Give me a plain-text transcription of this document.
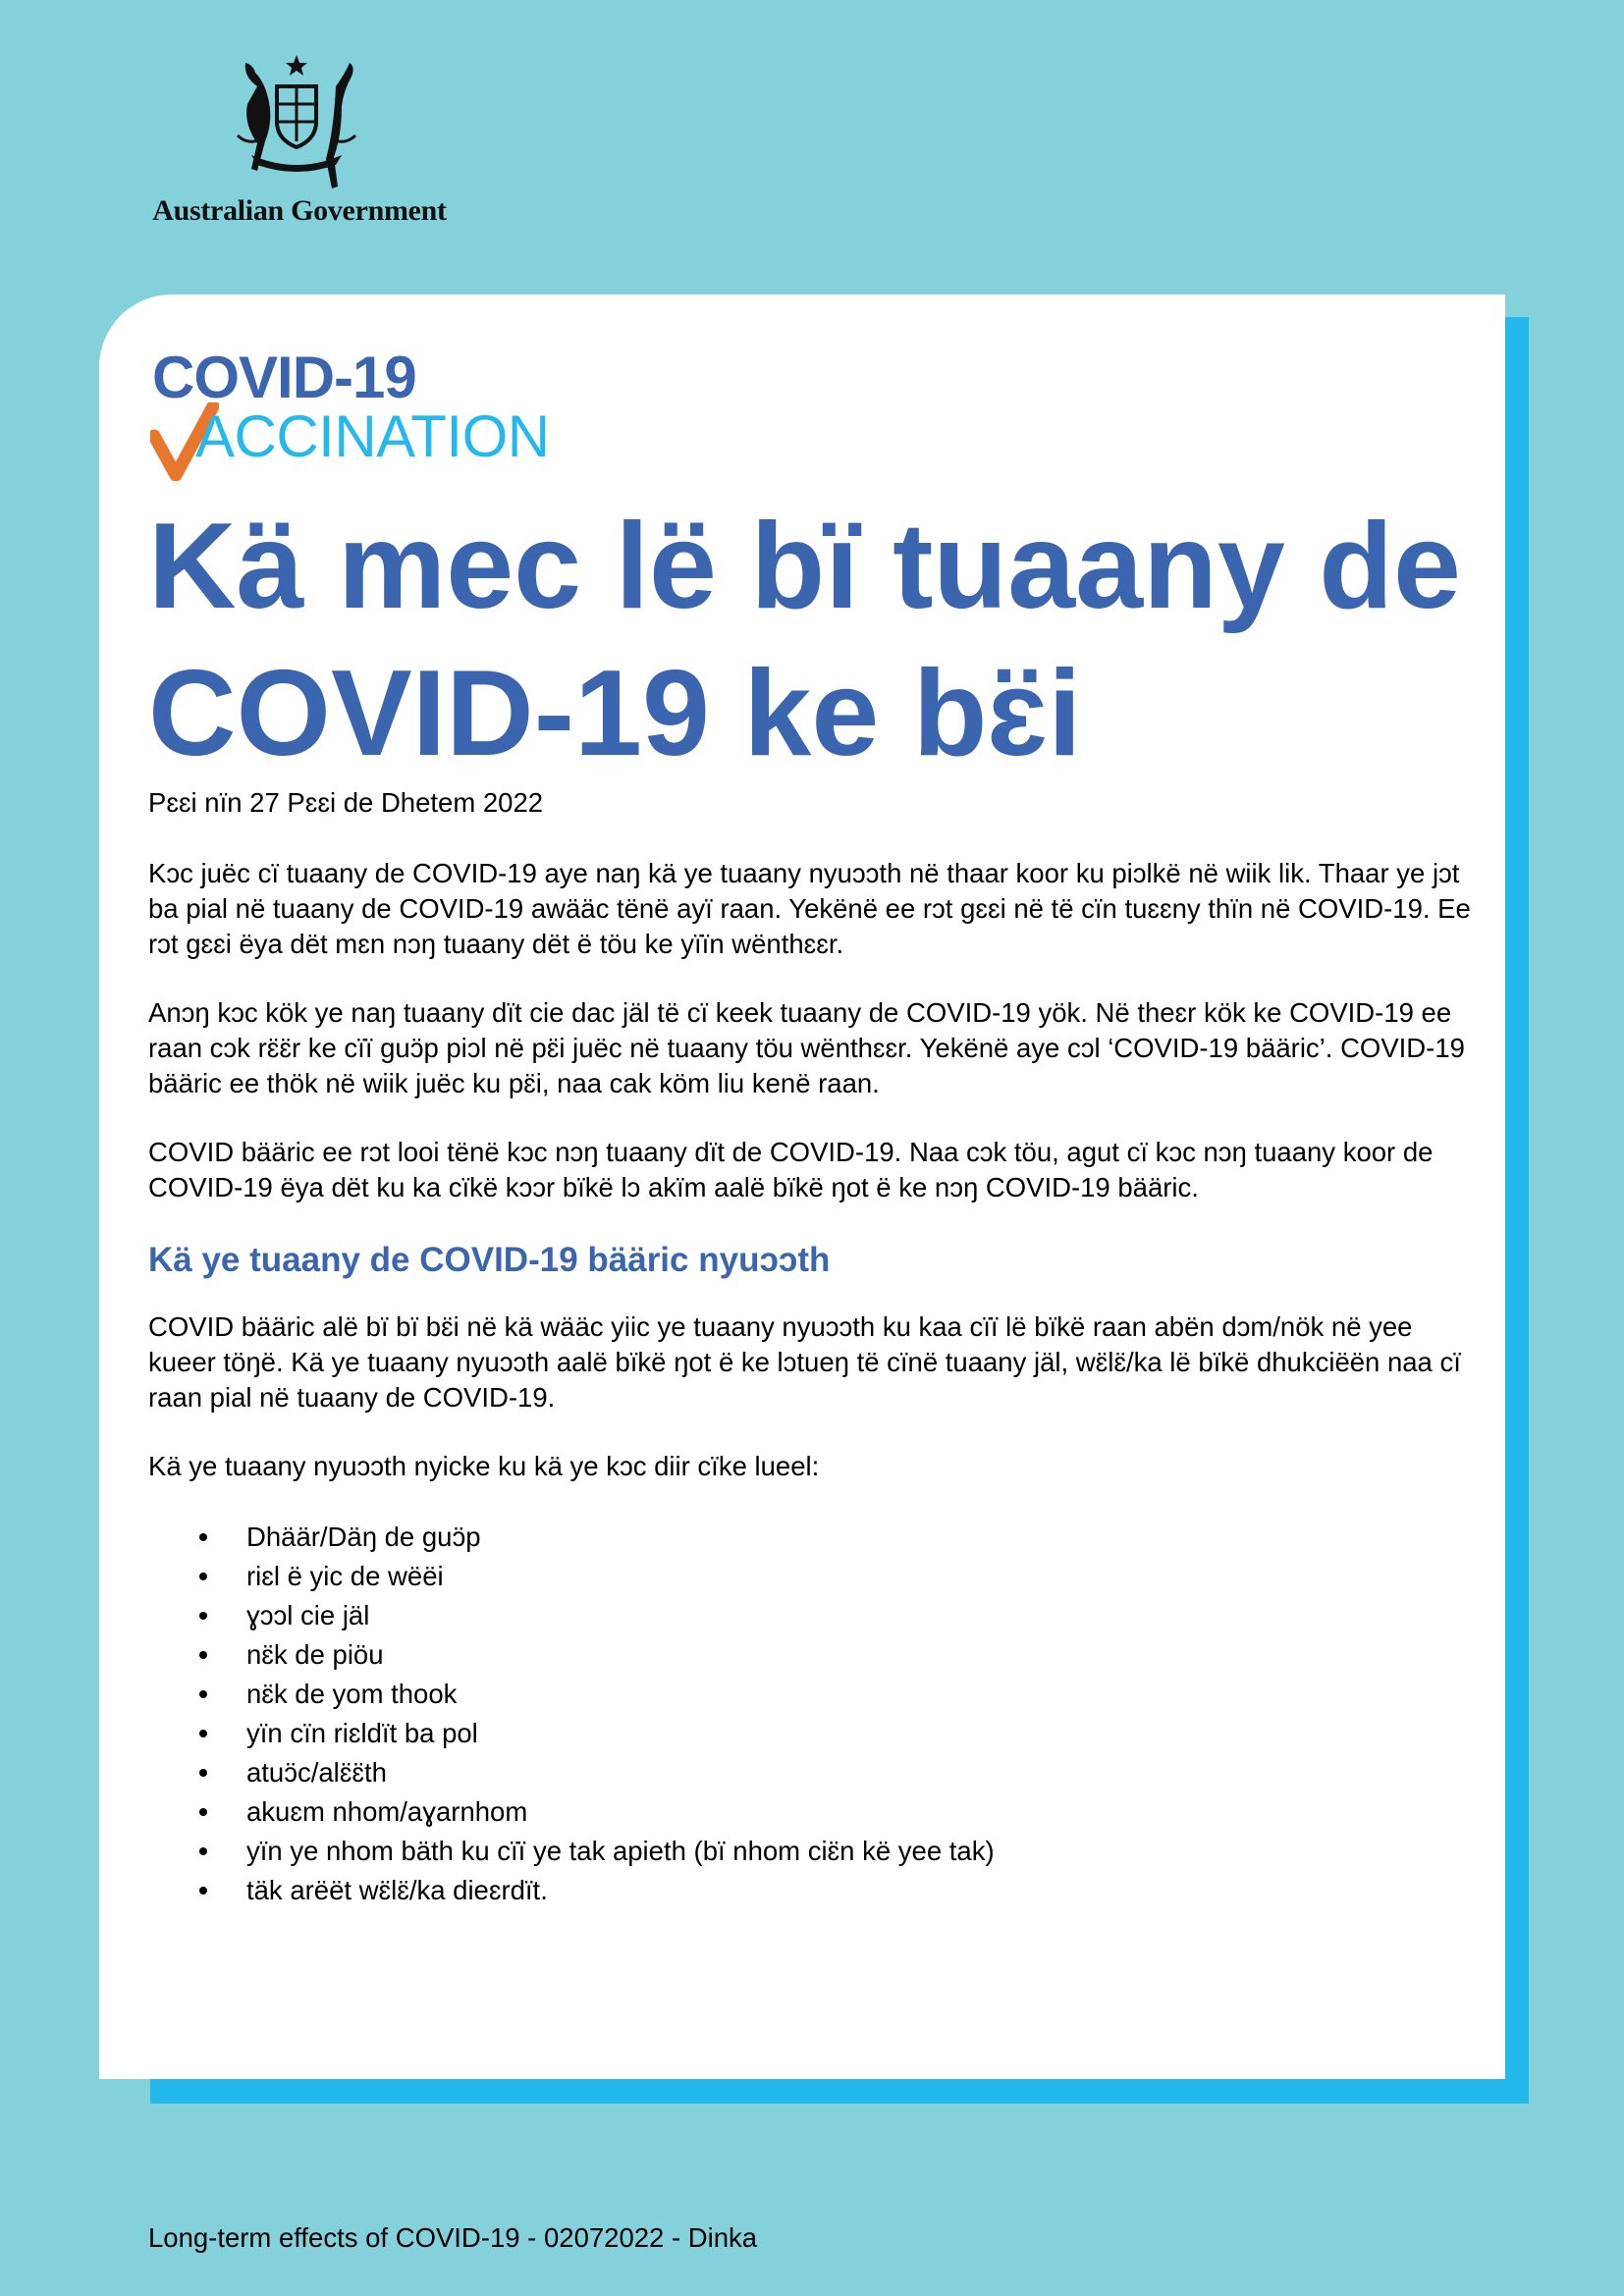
Australian Government
COVID-19
ACCINATION
Kä mec lë bï tuaany de COVID-19 ke bɛ̈i

Pɛɛi nïn 27 Pɛɛi de Dhetem 2022

Kɔc juëc cï tuaany de COVID-19 aye naŋ kä ye tuaany nyuɔɔth në thaar koor ku piɔlkë në wiik lik. Thaar ye jɔt ba pial në tuaany de COVID-19 awääc tënë ayï raan. Yekënë ee rɔt gɛɛi në të cïn tuɛɛny thïn në COVID-19. Ee rɔt gɛɛi ëya dët mɛn nɔŋ tuaany dët ë töu ke yïïn wënthɛɛr.

Anɔŋ kɔc kök ye naŋ tuaany dït cie dac jäl të cï keek tuaany de COVID-19 yök. Në theɛr kök ke COVID-19 ee raan cɔk rɛ̈ɛ̈r ke cïï guɔ̈p piɔl në pɛ̈i juëc në tuaany töu wënthɛɛr. Yekënë aye cɔl ‘COVID-19 bääric’. COVID-19 bääric ee thök në wiik juëc ku pɛ̈i, naa cak köm liu kenë raan.

COVID bääric ee rɔt looi tënë kɔc nɔŋ tuaany dït de COVID-19. Naa cɔk töu, agut cï kɔc nɔŋ tuaany koor de COVID-19 ëya dët ku ka cïkë kɔɔr bïkë lɔ akïm aalë bïkë ŋot ë ke nɔŋ COVID-19 bääric.

Kä ye tuaany de COVID-19 bääric nyuɔɔth

COVID bääric alë bï bï bɛ̈i në kä wääc yiic ye tuaany nyuɔɔth ku kaa cïï lë bïkë raan abën dɔm/nök në yee kueer töŋë. Kä ye tuaany nyuɔɔth aalë bïkë ŋot ë ke lɔtueŋ të cïnë tuaany jäl, wɛ̈lɛ̈/ka lë bïkë dhukciëën naa cï raan pial në tuaany de COVID-19.

Kä ye tuaany nyuɔɔth nyicke ku kä ye kɔc diir cïke lueel:

Dhäär/Däŋ de guɔ̈p
riɛl ë yic de wëëi
ɣɔɔl cie jäl
nɛ̈k de piöu
nɛ̈k de yom thook
yïn cïn riɛldït ba pol
atuɔ̈c/alɛ̈ɛ̈th
akuɛm nhom/aɣarnhom
yïn ye nhom bäth ku cïï ye tak apieth (bï nhom ciɛ̈n kë yee tak)
täk arëët wɛ̈lɛ̈/ka dieɛrdït.
Long-term effects of COVID-19 - 02072022 - Dinka
